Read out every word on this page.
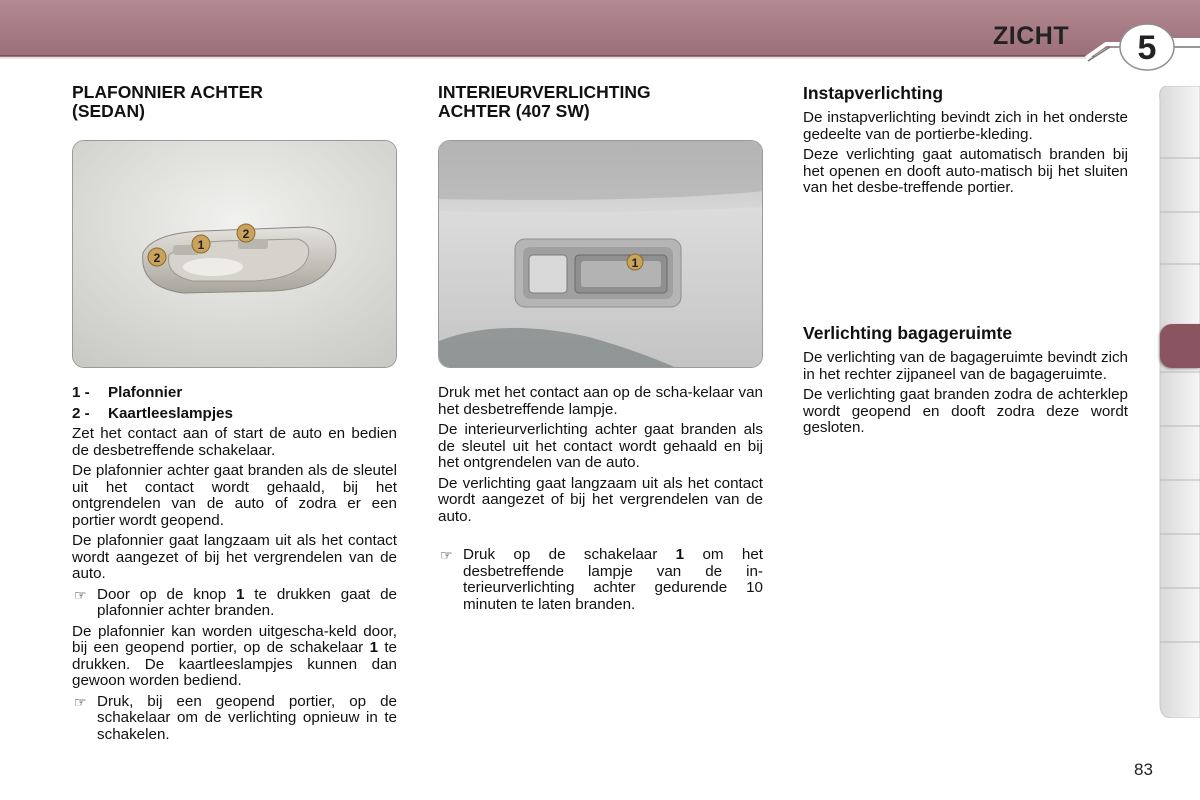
ZICHT	5
PLAFONNIER ACHTER
(SEDAN)
2
1
2
1 -	Plafonnier
2 -	Kaartleeslampjes

Zet het contact aan of start de auto en bedien de desbetreffende schakelaar.

De plafonnier achter gaat branden als de sleutel uit het contact wordt gehaald, bij het ontgrendelen van de auto of zodra er een portier wordt geopend.

De plafonnier gaat langzaam uit als het contact wordt aangezet of bij het vergrendelen van de auto.

☞ Door op de knop 1 te drukken gaat de plafonnier achter branden.

De plafonnier kan worden uitgescha-keld door, bij een geopend portier, op de schakelaar 1 te drukken. De kaartleeslampjes kunnen dan gewoon worden bediend.

☞ Druk, bij een geopend portier, op de schakelaar om de verlichting opnieuw in te schakelen.
INTERIEURVERLICHTING
ACHTER (407 SW)
1

Druk met het contact aan op de scha-kelaar van het desbetreffende lampje.

De interieurverlichting achter gaat branden als de sleutel uit het contact wordt gehaald en bij het ontgrendelen van de auto.

De verlichting gaat langzaam uit als het contact wordt aangezet of bij het vergrendelen van de auto.

☞ Druk op de schakelaar 1 om het desbetreffende lampje van de in-terieurverlichting achter gedurende 10 minuten te laten branden.
Instapverlichting

De instapverlichting bevindt zich in het onderste gedeelte van de portierbe-kleding.

Deze verlichting gaat automatisch branden bij het openen en dooft auto-matisch bij het sluiten van het desbe-treffende portier.

Verlichting bagageruimte

De verlichting van de bagageruimte bevindt zich in het rechter zijpaneel van de bagageruimte.

De verlichting gaat branden zodra de achterklep wordt geopend en dooft zodra deze wordt gesloten.

83
